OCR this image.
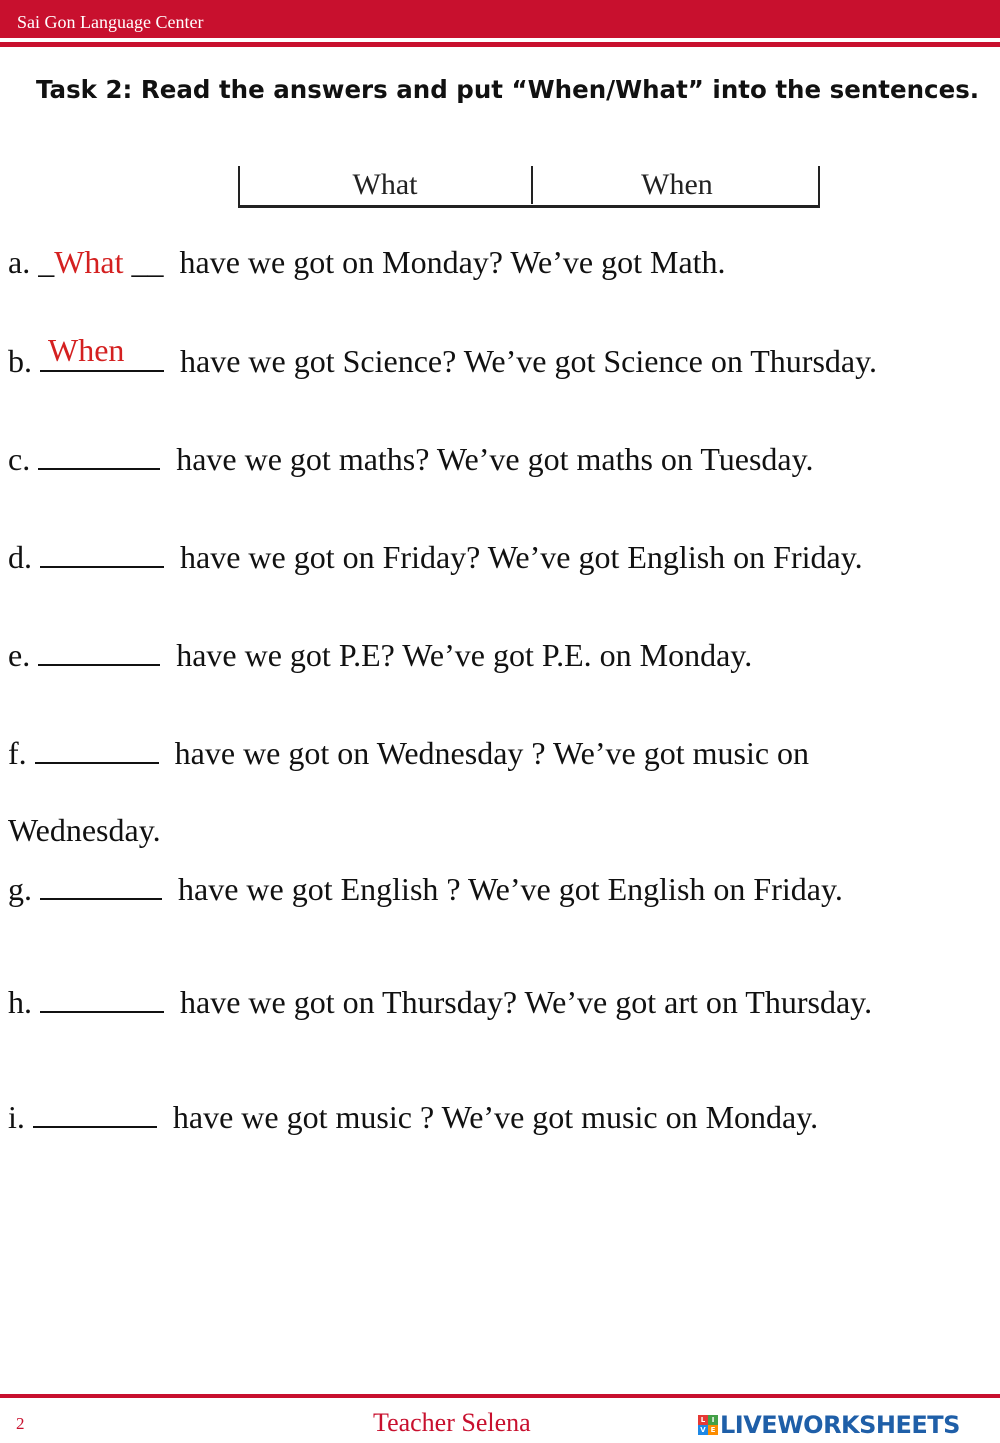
Sai Gon Language Center
Task 2: Read the answers and put “When/What” into the sentences.
What	When
a. _What __ have we got on Monday? We’ve got Math.
b. When have we got Science? We’ve got Science on Thursday.
c.	have we got maths? We’ve got maths on Tuesday.
d.	have we got on Friday? We’ve got English on Friday.
e.	have we got P.E? We’ve got P.E. on Monday.
f.	have we got on Wednesday ? We’ve got music on
Wednesday.
g.	have we got English ? We’ve got English on Friday.
h.	have we got on Thursday? We’ve got art on Thursday.
i.	have we got music ? We’ve got music on Monday.
2	Teacher Selena	L I
V E LIVEWORKSHEETS
